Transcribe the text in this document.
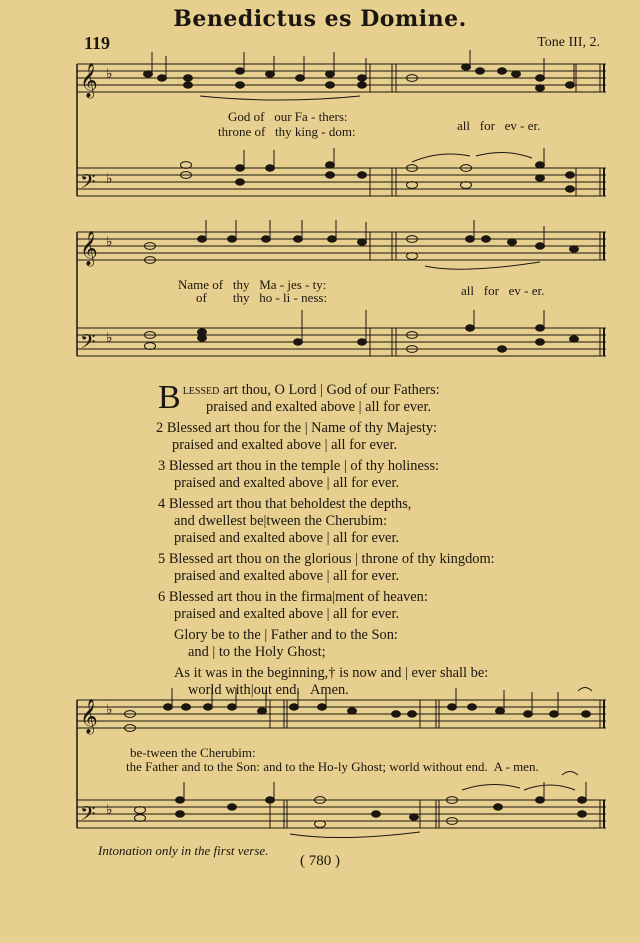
Benedictus es Domine.
119	Tone III, 2.
𝄞
𝄢
𝄞
𝄢
𝄞
𝄢
♭
♭
♭
♭
♭
♭
God of   our Fa - thers:
throne of   thy king - dom:	all   for   ev - er.
Name of   thy   Ma - jes - ty:
of        thy   ho - li - ness:	all   for   ev - er.
B lessed art thou, O Lord | God of our Fathers:
praised and exalted above | all for ever.
2 Blessed art thou for the | Name of thy Majesty:
praised and exalted above | all for ever.
3 Blessed art thou in the temple | of thy holiness:
praised and exalted above | all for ever.
4 Blessed art thou that beholdest the depths,
and dwellest be|tween the Cherubim:
praised and exalted above | all for ever.
5 Blessed art thou on the glorious | throne of thy kingdom:
praised and exalted above | all for ever.
6 Blessed art thou in the firma|ment of heaven:
praised and exalted above | all for ever.
Glory be to the | Father and to the Son:
and | to the Holy Ghost;
As it was in the beginning,† is now and | ever shall be:
world with|out end.   Amen.
be-tween the Cherubim:
the Father and to the Son: and to the Ho-ly Ghost; world without end.  A - men.
Intonation only in the first verse.
( 780 )
